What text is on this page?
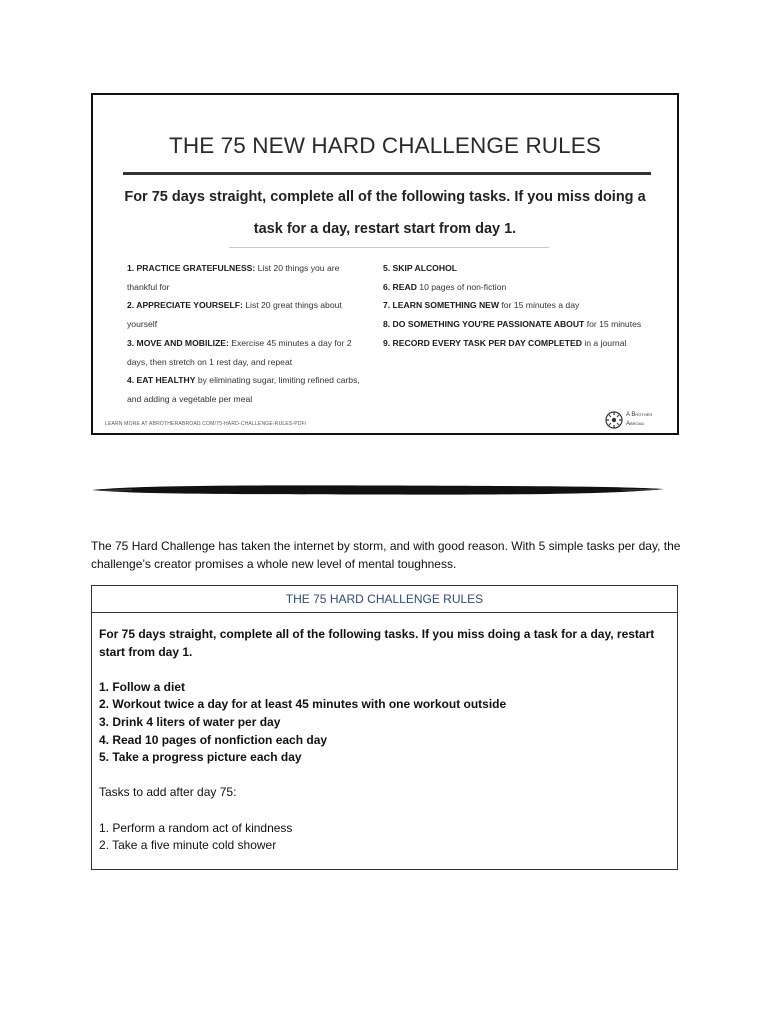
THE 75 NEW HARD CHALLENGE RULES
For 75 days straight, complete all of the following tasks. If you miss doing a task for a day, restart start from day 1.
1. PRACTICE GRATEFULNESS: List 20 things you are thankful for
2. APPRECIATE YOURSELF: List 20 great things about yourself
3. MOVE AND MOBILIZE: Exercise 45 minutes a day for 2 days, then stretch on 1 rest day, and repeat
4. EAT HEALTHY by eliminating sugar, limiting refined carbs, and adding a vegetable per meal
5. SKIP ALCOHOL
6. READ 10 pages of non-fiction
7. LEARN SOMETHING NEW for 15 minutes a day
8. DO SOMETHING YOU'RE PASSIONATE ABOUT for 15 minutes
9. RECORD EVERY TASK PER DAY COMPLETED in a journal
LEARN MORE AT ABROTHERABROAD.COM/75-HARD-CHALLENGE-RULES-PDF/
A Brother
Abroad
The 75 Hard Challenge has taken the internet by storm, and with good reason. With 5 simple tasks per day, the challenge’s creator promises a whole new level of mental toughness.
THE 75 HARD CHALLENGE RULES

For 75 days straight, complete all of the following tasks. If you miss doing a task for a day, restart start from day 1.

1. Follow a diet

2. Workout twice a day for at least 45 minutes with one workout outside

3. Drink 4 liters of water per day

4. Read 10 pages of nonfiction each day

5. Take a progress picture each day

Tasks to add after day 75:

1. Perform a random act of kindness

2. Take a five minute cold shower
